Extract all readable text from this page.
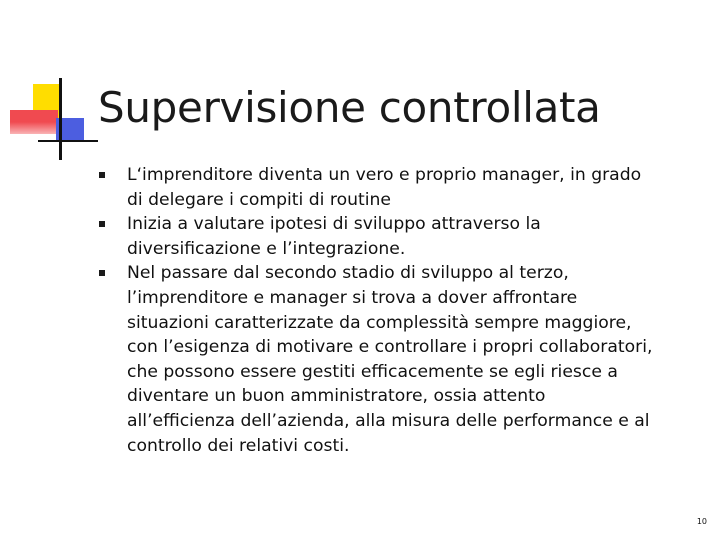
Supervisione controllata
L‘imprenditore diventa un vero e proprio manager, in grado di delegare i compiti di routine
Inizia a valutare ipotesi di sviluppo attraverso la diversificazione e l’integrazione.
Nel passare dal secondo stadio di sviluppo al terzo, l’imprenditore e manager si trova a dover affrontare situazioni caratterizzate da complessità sempre maggiore, con l’esigenza di motivare e controllare i propri collaboratori, che possono essere gestiti efficacemente se egli riesce a diventare un buon amministratore, ossia attento all’efficienza dell’azienda, alla misura delle performance e al controllo dei relativi costi.
10
